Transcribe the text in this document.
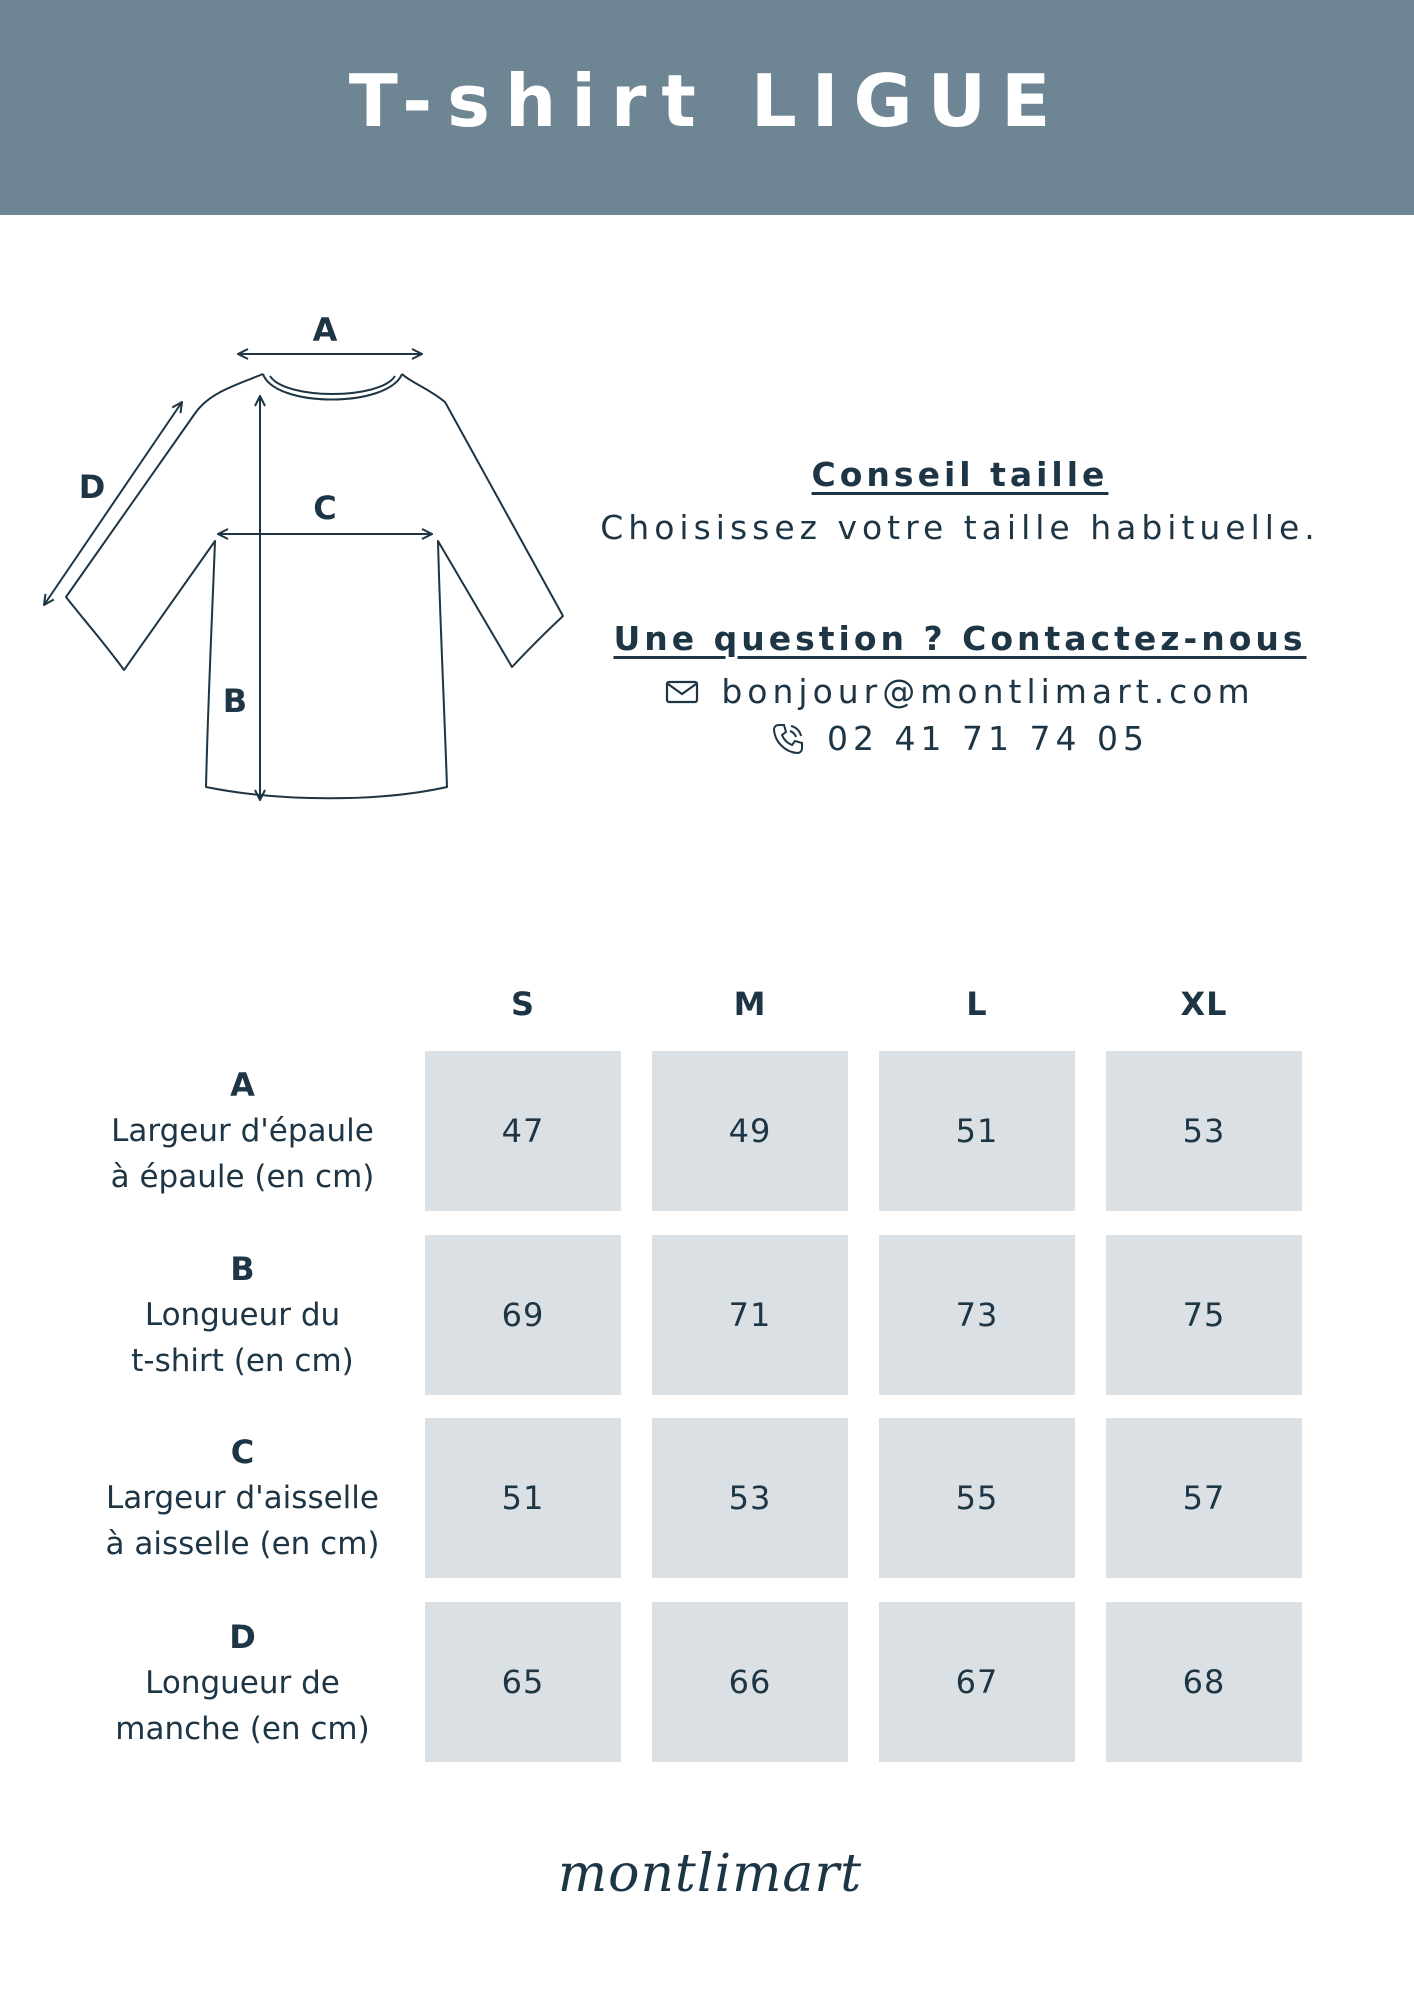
T-shirt LIGUE
A
B
C
D	Conseil taille
Choisissez votre taille habituelle.
Une question ? Contactez-nous
bonjour@montlimart.com
02 41 71 74 05
S	M	L	XL
A
Largeur d'épaule
à épaule (en cm)
47	49	51	53
B
Longueur du
t-shirt (en cm)
69	71	73	75
C
Largeur d'aisselle
à aisselle (en cm)
51	53	55	57
D
Longueur de
manche (en cm)
65	66	67	68
montlimart
